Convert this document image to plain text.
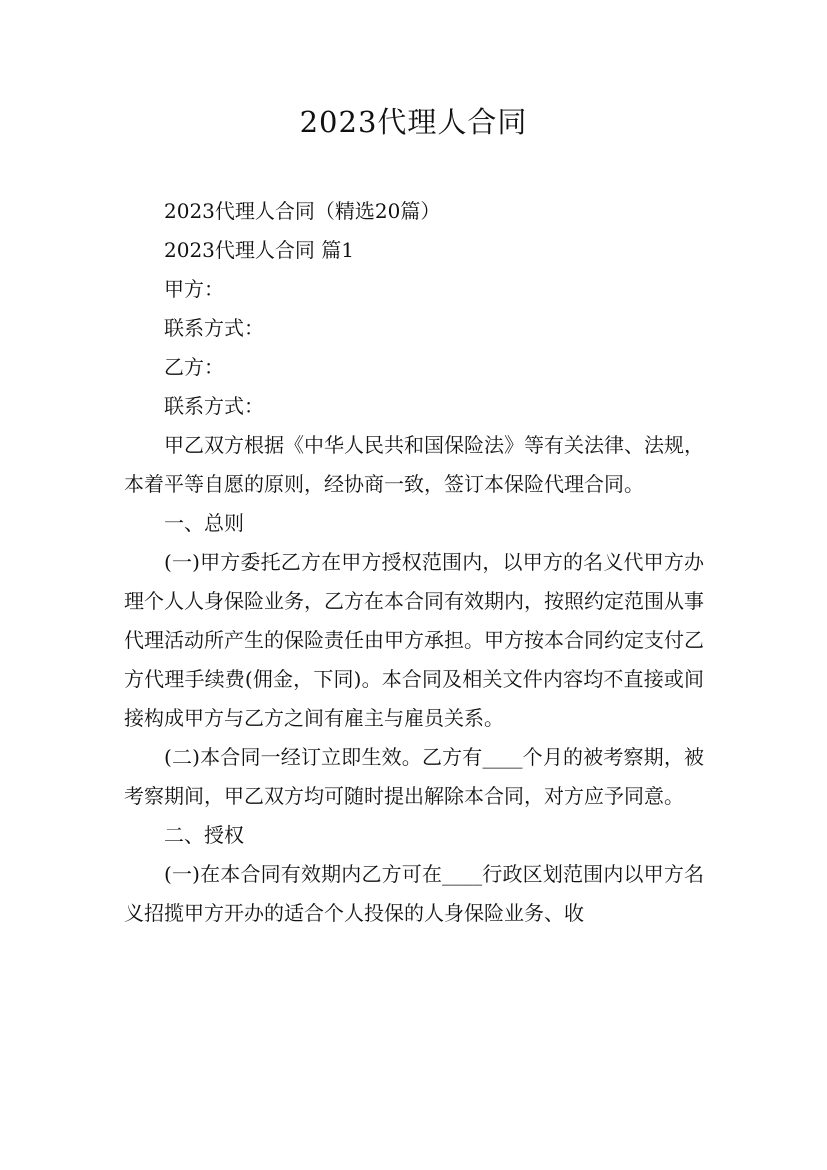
2023代理人合同

2023代理人合同（精选20篇）

2023代理人合同 篇1

甲方：

联系方式：

乙方：

联系方式：

甲乙双方根据《中华人民共和国保险法》等有关法律、法规，本着平等自愿的原则，经协商一致，签订本保险代理合同。

一、总则

(一)甲方委托乙方在甲方授权范围内，以甲方的名义代甲方办理个人人身保险业务，乙方在本合同有效期内，按照约定范围从事代理活动所产生的保险责任由甲方承担。甲方按本合同约定支付乙方代理手续费(佣金，下同)。本合同及相关文件内容均不直接或间接构成甲方与乙方之间有雇主与雇员关系。

(二)本合同一经订立即生效。乙方有____个月的被考察期，被考察期间，甲乙双方均可随时提出解除本合同，对方应予同意。

二、授权

(一)在本合同有效期内乙方可在____行政区划范围内以甲方名义招揽甲方开办的适合个人投保的人身保险业务、收
